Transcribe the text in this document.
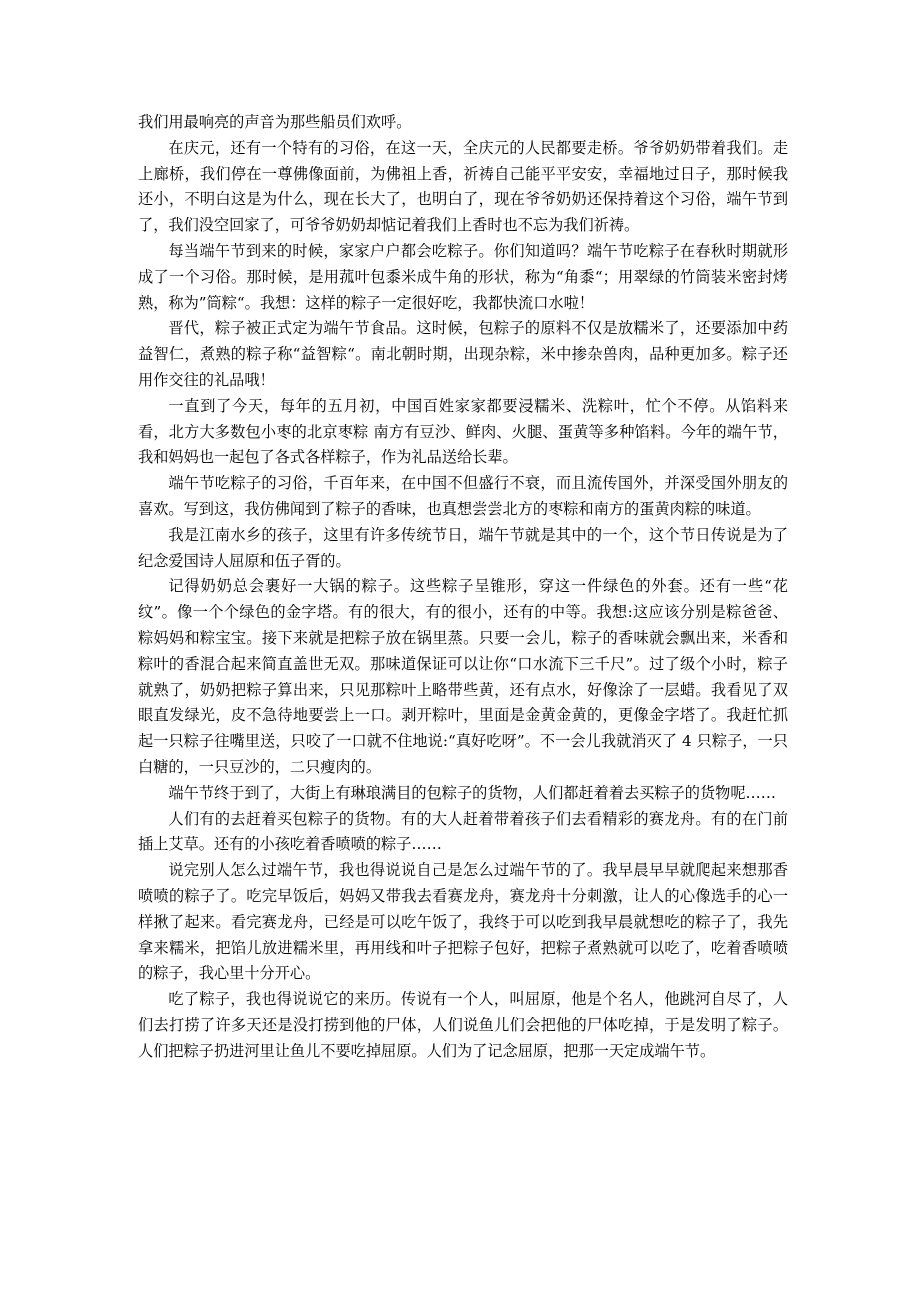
我们用最响亮的声音为那些船员们欢呼。

在庆元，还有一个特有的习俗，在这一天，全庆元的人民都要走桥。爷爷奶奶带着我们。走上廊桥，我们停在一尊佛像面前，为佛祖上香，祈祷自己能平平安安，幸福地过日子，那时候我还小，不明白这是为什么，现在长大了，也明白了，现在爷爷奶奶还保持着这个习俗，端午节到了，我们没空回家了，可爷爷奶奶却惦记着我们上香时也不忘为我们祈祷。

每当端午节到来的时候，家家户户都会吃粽子。你们知道吗？端午节吃粽子在春秋时期就形成了一个习俗。那时候，是用菰叶包黍米成牛角的形状，称为“角黍“；用翠绿的竹筒装米密封烤熟，称为”筒粽“。我想：这样的粽子一定很好吃，我都快流口水啦！

晋代，粽子被正式定为端午节食品。这时候，包粽子的原料不仅是放糯米了，还要添加中药益智仁，煮熟的粽子称“益智粽“。南北朝时期，出现杂粽，米中掺杂兽肉，品种更加多。粽子还用作交往的礼品哦！

一直到了今天，每年的五月初，中国百姓家家都要浸糯米、洗粽叶，忙个不停。从馅料来看，北方大多数包小枣的北京枣粽 南方有豆沙、鲜肉、火腿、蛋黄等多种馅料。今年的端午节，我和妈妈也一起包了各式各样粽子，作为礼品送给长辈。

端午节吃粽子的习俗，千百年来，在中国不但盛行不衰，而且流传国外，并深受国外朋友的喜欢。写到这，我仿佛闻到了粽子的香味，也真想尝尝北方的枣粽和南方的蛋黄肉粽的味道。

我是江南水乡的孩子，这里有许多传统节日，端午节就是其中的一个，这个节日传说是为了纪念爱国诗人屈原和伍子胥的。

记得奶奶总会裹好一大锅的粽子。这些粽子呈锥形，穿这一件绿色的外套。还有一些“花纹”。像一个个绿色的金字塔。有的很大，有的很小，还有的中等。我想:这应该分别是粽爸爸、粽妈妈和粽宝宝。接下来就是把粽子放在锅里蒸。只要一会儿，粽子的香味就会飘出来，米香和粽叶的香混合起来简直盖世无双。那味道保证可以让你“口水流下三千尺”。过了级个小时，粽子就熟了，奶奶把粽子算出来，只见那粽叶上略带些黄，还有点水，好像涂了一层蜡。我看见了双眼直发绿光，皮不急待地要尝上一口。剥开粽叶，里面是金黄金黄的，更像金字塔了。我赶忙抓起一只粽子往嘴里送，只咬了一口就不住地说:“真好吃呀”。不一会儿我就消灭了 4 只粽子，一只白糖的，一只豆沙的，二只瘦肉的。

端午节终于到了，大街上有琳琅满目的包粽子的货物，人们都赶着着去买粽子的货物呢……

人们有的去赶着买包粽子的货物。有的大人赶着带着孩子们去看精彩的赛龙舟。有的在门前插上艾草。还有的小孩吃着香喷喷的粽子……

说完别人怎么过端午节，我也得说说自己是怎么过端午节的了。我早晨早早就爬起来想那香喷喷的粽子了。吃完早饭后，妈妈又带我去看赛龙舟，赛龙舟十分刺激，让人的心像选手的心一样揪了起来。看完赛龙舟，已经是可以吃午饭了，我终于可以吃到我早晨就想吃的粽子了，我先拿来糯米，把馅儿放进糯米里，再用线和叶子把粽子包好，把粽子煮熟就可以吃了，吃着香喷喷的粽子，我心里十分开心。

吃了粽子，我也得说说它的来历。传说有一个人，叫屈原，他是个名人，他跳河自尽了，人们去打捞了许多天还是没打捞到他的尸体，人们说鱼儿们会把他的尸体吃掉，于是发明了粽子。人们把粽子扔进河里让鱼儿不要吃掉屈原。人们为了记念屈原，把那一天定成端午节。
